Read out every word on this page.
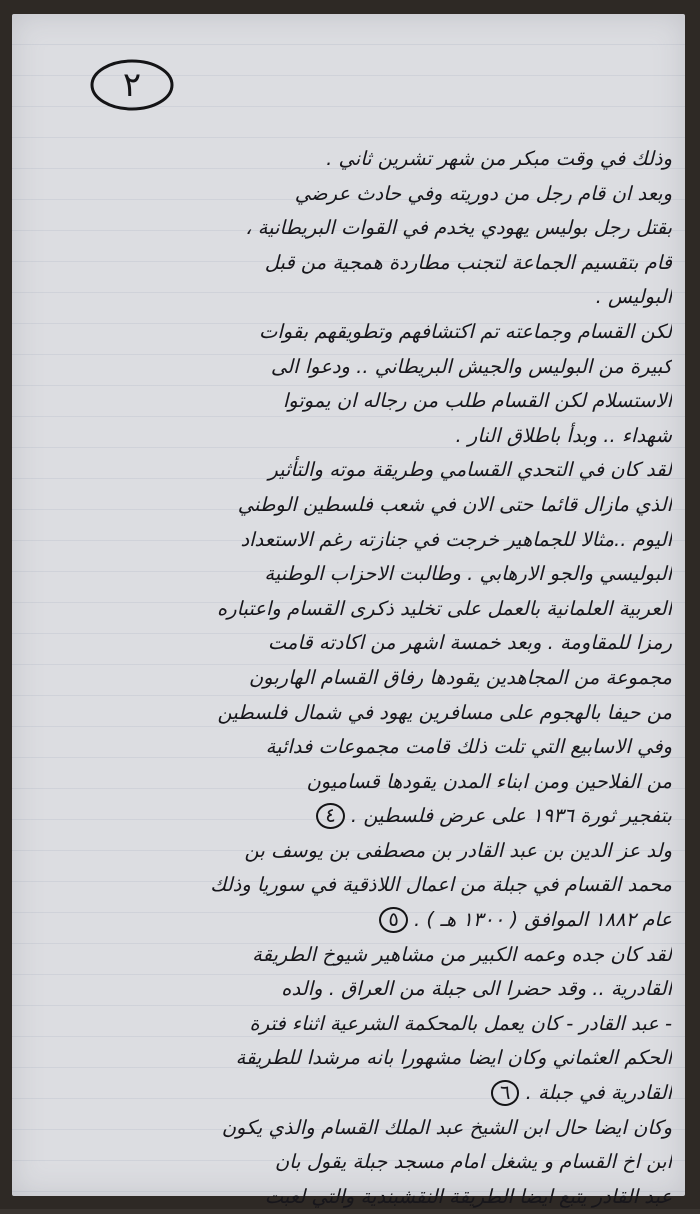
٢
وذلك في وقت مبكر من شهر تشرين ثاني .
وبعد ان قام رجل من دوريته وفي حادث عرضي
بقتل رجل بوليس يهودي يخدم في القوات البريطانية ،
قام بتقسيم الجماعة لتجنب مطاردة همجية من قبل
البوليس .
لكن القسام وجماعته تم اكتشافهم وتطويقهم بقوات
كبيرة من البوليس والجيش البريطاني .. ودعوا الى
الاستسلام لكن القسام طلب من رجاله ان يموتوا
شهداء .. وبدأ باطلاق النار .
لقد كان في التحدي القسامي وطريقة موته والتأثير
الذي مازال قائما حتى الان في شعب فلسطين الوطني
اليوم ..مثالا للجماهير خرجت في جنازته رغم الاستعداد
البوليسي والجو الارهابي . وطالبت الاحزاب الوطنية
العربية العلمانية بالعمل على تخليد ذكرى القسام واعتباره
رمزا للمقاومة . وبعد خمسة اشهر من اكادته قامت
مجموعة من المجاهدين يقودها رفاق القسام الهاربون
من حيفا بالهجوم على مسافرين يهود في شمال فلسطين
وفي الاسابيع التي تلت ذلك قامت مجموعات فدائية
من الفلاحين ومن ابناء المدن يقودها قساميون
بتفجير ثورة ١٩٣٦ على عرض فلسطين . ٤
ولد عز الدين بن عبد القادر بن مصطفى بن يوسف بن
محمد القسام في جبلة من اعمال اللاذقية في سوريا وذلك
عام ١٨٨٢ الموافق ( ١٣٠٠ هـ ) . ٥
لقد كان جده وعمه الكبير من مشاهير شيوخ الطريقة
القادرية .. وقد حضرا الى جبلة من العراق . والده
- عبد القادر - كان يعمل بالمحكمة الشرعية اثناء فترة
الحكم العثماني وكان ايضا مشهورا بانه مرشدا للطريقة
القادرية في جبلة . ٦
وكان ايضا حال ابن الشيخ عبد الملك القسام والذي يكون
ابن اخ القسام و يشغل امام مسجد جبلة يقول بان
عبد القادر يتبع ايضا الطريقة النقشبندية والتي لعبت
